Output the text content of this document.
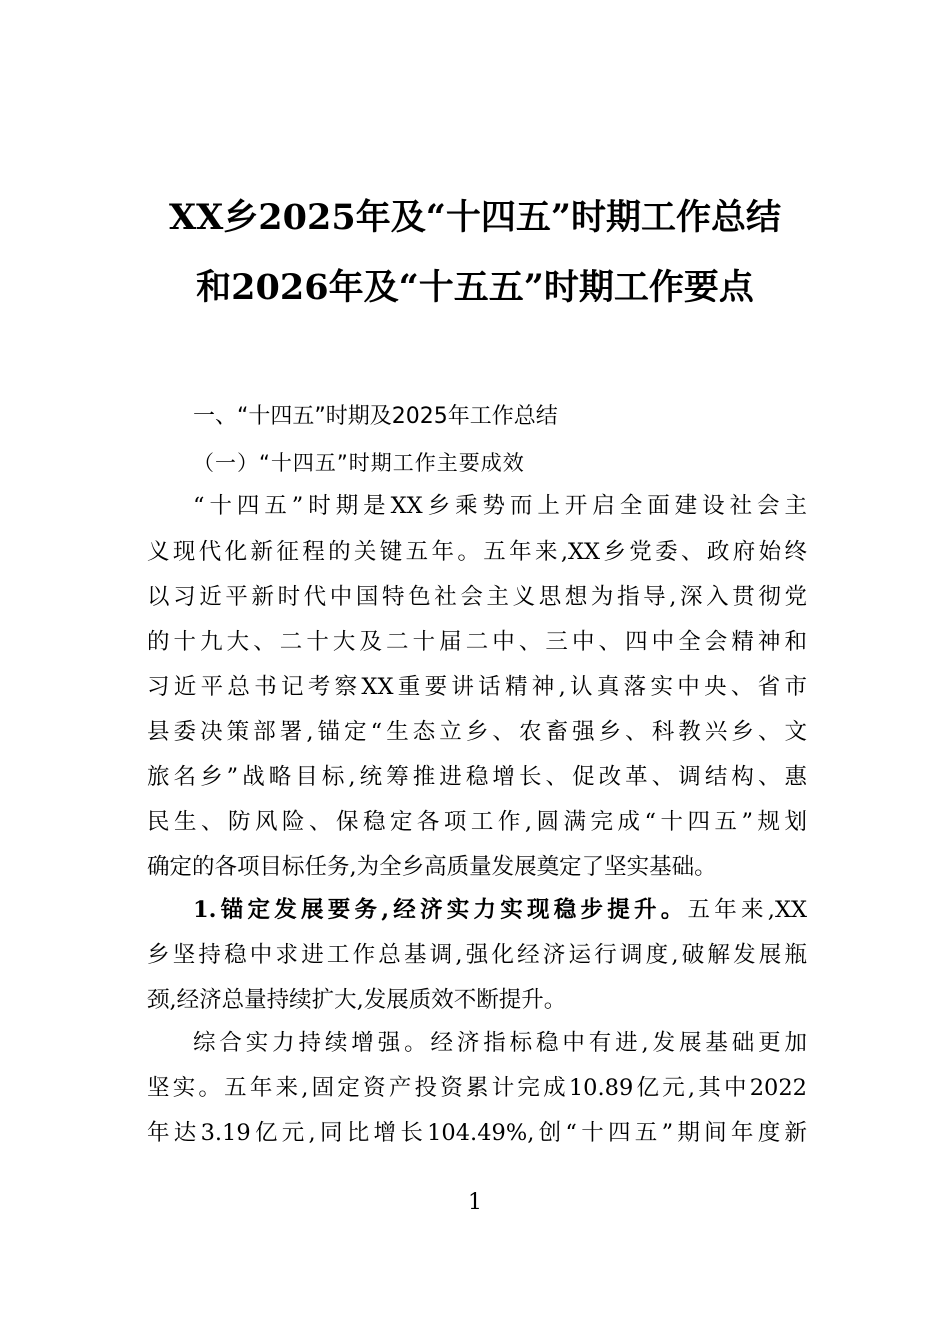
XX乡2025年及“十四五”时期工作总结
和2026年及“十五五”时期工作要点
一、“十四五”时期及2025年工作总结
（一）“十四五”时期工作主要成效
“十四五”时期是XX乡乘势而上开启全面建设社会主
义现代化新征程的关键五年。五年来,XX乡党委、政府始终
以习近平新时代中国特色社会主义思想为指导,深入贯彻党
的十九大、二十大及二十届二中、三中、四中全会精神和
习近平总书记考察XX重要讲话精神,认真落实中央、省市
县委决策部署,锚定“生态立乡、农畜强乡、科教兴乡、文
旅名乡”战略目标,统筹推进稳增长、促改革、调结构、惠
民生、防风险、保稳定各项工作,圆满完成“十四五”规划
确定的各项目标任务,为全乡高质量发展奠定了坚实基础。
1.锚定发展要务,经济实力实现稳步提升。五年来,XX
乡坚持稳中求进工作总基调,强化经济运行调度,破解发展瓶
颈,经济总量持续扩大,发展质效不断提升。
综合实力持续增强。经济指标稳中有进,发展基础更加
坚实。五年来,固定资产投资累计完成10.89亿元,其中2022
年达3.19亿元,同比增长104.49%,创“十四五”期间年度新
1
